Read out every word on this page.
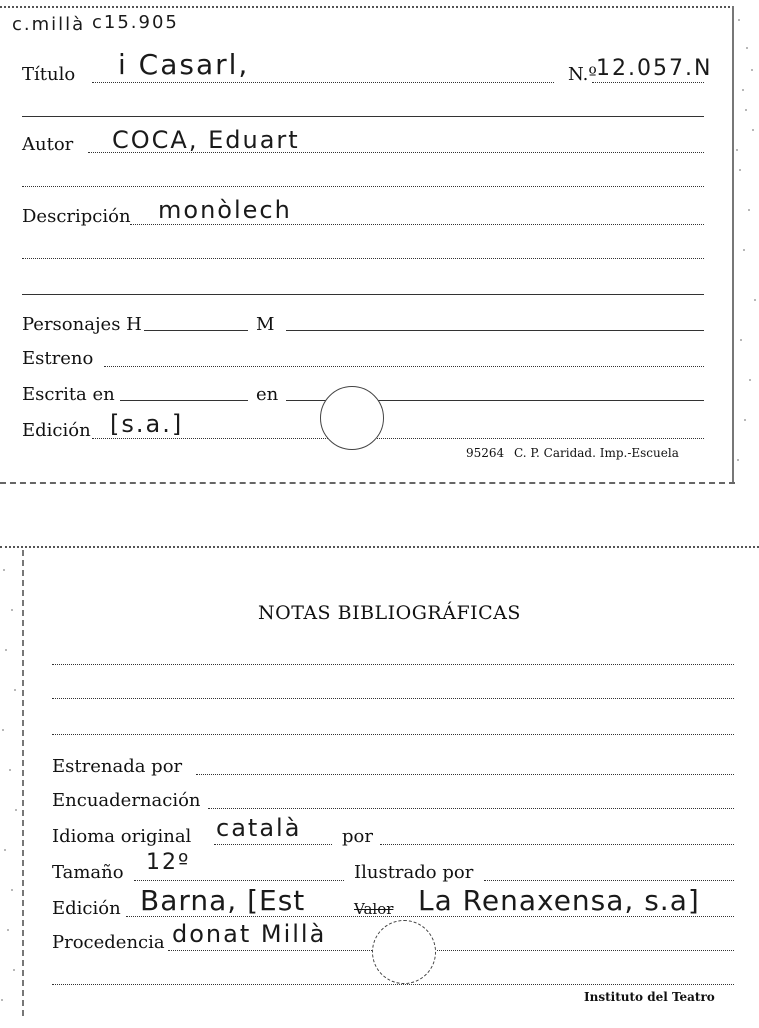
c.millà c15.905
Título i Casarl,	N.º 12.057.N
Autor COCA, Eduart
Descripción monòlech
Personajes H	M
Estreno
Escrita en	en
Edición [s.a.]
95264 C. P. Caridad. Imp.-Escuela
NOTAS BIBLIOGRÁFICAS
Estrenada por
Encuadernación
Idioma original català por
Tamaño 12º	Ilustrado por
Edición Barna, [Est	Valor La Renaxensa, s.a]
Procedencia donat Millà
Instituto del Teatro
